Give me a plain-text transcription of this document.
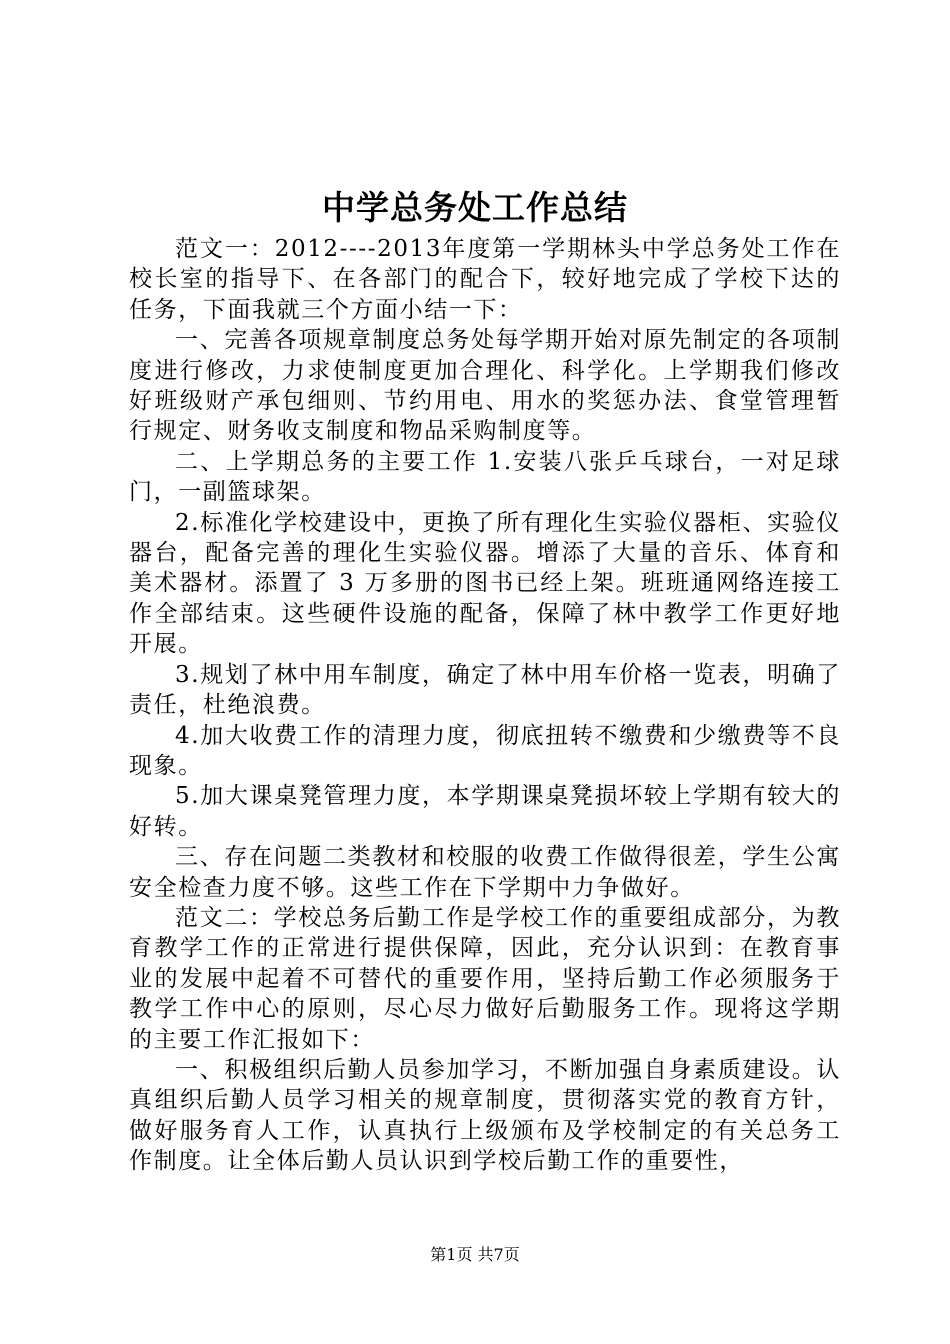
中学总务处工作总结

范文一：2012----2013年度第一学期林头中学总务处工作在校长室的指导下、在各部门的配合下，较好地完成了学校下达的任务，下面我就三个方面小结一下：

一、完善各项规章制度总务处每学期开始对原先制定的各项制度进行修改，力求使制度更加合理化、科学化。上学期我们修改好班级财产承包细则、节约用电、用水的奖惩办法、食堂管理暂行规定、财务收支制度和物品采购制度等。

二、上学期总务的主要工作 1.安装八张乒乓球台，一对足球门，一副篮球架。

2.标准化学校建设中，更换了所有理化生实验仪器柜、实验仪器台，配备完善的理化生实验仪器。增添了大量的音乐、体育和美术器材。添置了 3 万多册的图书已经上架。班班通网络连接工作全部结束。这些硬件设施的配备，保障了林中教学工作更好地开展。

3.规划了林中用车制度，确定了林中用车价格一览表，明确了责任，杜绝浪费。

4.加大收费工作的清理力度，彻底扭转不缴费和少缴费等不良现象。

5.加大课桌凳管理力度，本学期课桌凳损坏较上学期有较大的好转。

三、存在问题二类教材和校服的收费工作做得很差，学生公寓安全检查力度不够。这些工作在下学期中力争做好。

范文二：学校总务后勤工作是学校工作的重要组成部分，为教育教学工作的正常进行提供保障，因此，充分认识到：在教育事业的发展中起着不可替代的重要作用，坚持后勤工作必须服务于教学工作中心的原则，尽心尽力做好后勤服务工作。现将这学期的主要工作汇报如下：

一、积极组织后勤人员参加学习，不断加强自身素质建设。认真组织后勤人员学习相关的规章制度，贯彻落实党的教育方针，做好服务育人工作，认真执行上级颁布及学校制定的有关总务工作制度。让全体后勤人员认识到学校后勤工作的重要性，

第1页 共7页
